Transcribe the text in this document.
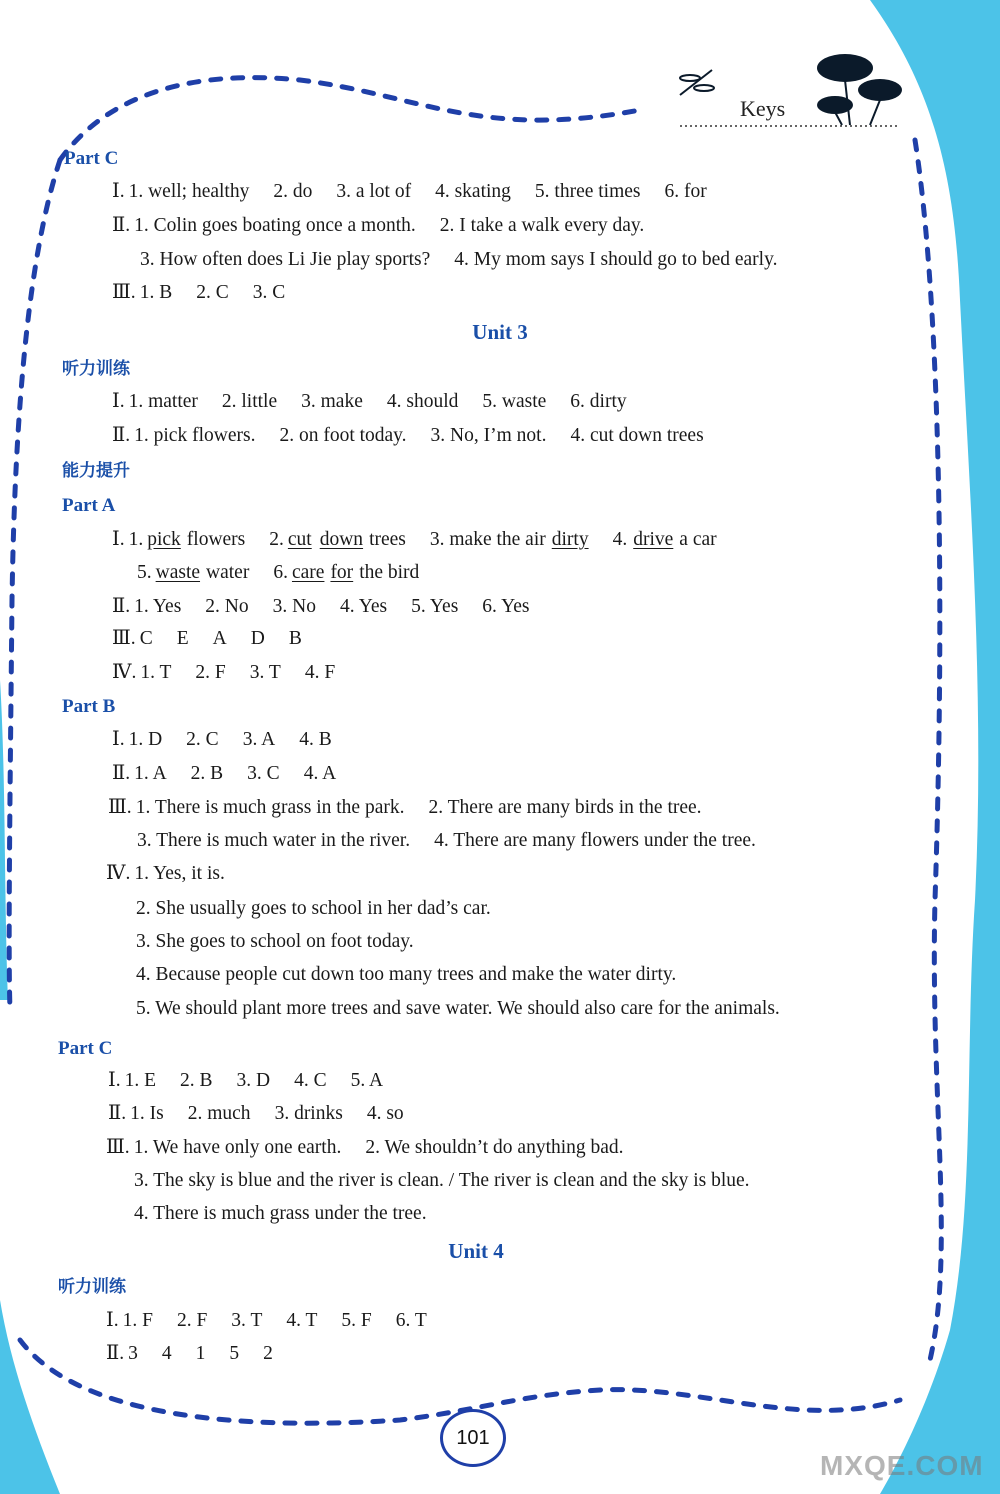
Keys
Part C
Ⅰ. 1. well; healthy 2. do 3. a lot of 4. skating 5. three times 6. for
Ⅱ. 1. Colin goes boating once a month. 2. I take a walk every day.
3. How often does Li Jie play sports? 4. My mom says I should go to bed early.
Ⅲ. 1. B 2. C 3. C
Unit 3
听力训练
Ⅰ. 1. matter 2. little 3. make 4. should 5. waste 6. dirty
Ⅱ. 1. pick flowers. 2. on foot today. 3. No, I’m not. 4. cut down trees
能力提升
Part A
Ⅰ. 1. pick flowers 2. cut down trees 3. make the air dirty 4. drive a car
5. waste water 6. care for the bird
Ⅱ. 1. Yes 2. No 3. No 4. Yes 5. Yes 6. Yes
Ⅲ. C E A D B
Ⅳ. 1. T 2. F 3. T 4. F
Part B
Ⅰ. 1. D 2. C 3. A 4. B
Ⅱ. 1. A 2. B 3. C 4. A
Ⅲ. 1. There is much grass in the park. 2. There are many birds in the tree.
3. There is much water in the river. 4. There are many flowers under the tree.
Ⅳ. 1. Yes, it is.
2. She usually goes to school in her dad’s car.
3. She goes to school on foot today.
4. Because people cut down too many trees and make the water dirty.
5. We should plant more trees and save water. We should also care for the animals.
Part C
Ⅰ. 1. E 2. B 3. D 4. C 5. A
Ⅱ. 1. Is 2. much 3. drinks 4. so
Ⅲ. 1. We have only one earth. 2. We shouldn’t do anything bad.
3. The sky is blue and the river is clean. / The river is clean and the sky is blue.
4. There is much grass under the tree.
Unit 4
听力训练
Ⅰ. 1. F 2. F 3. T 4. T 5. F 6. T
Ⅱ. 3 4 1 5 2
101
MXQE.COM
